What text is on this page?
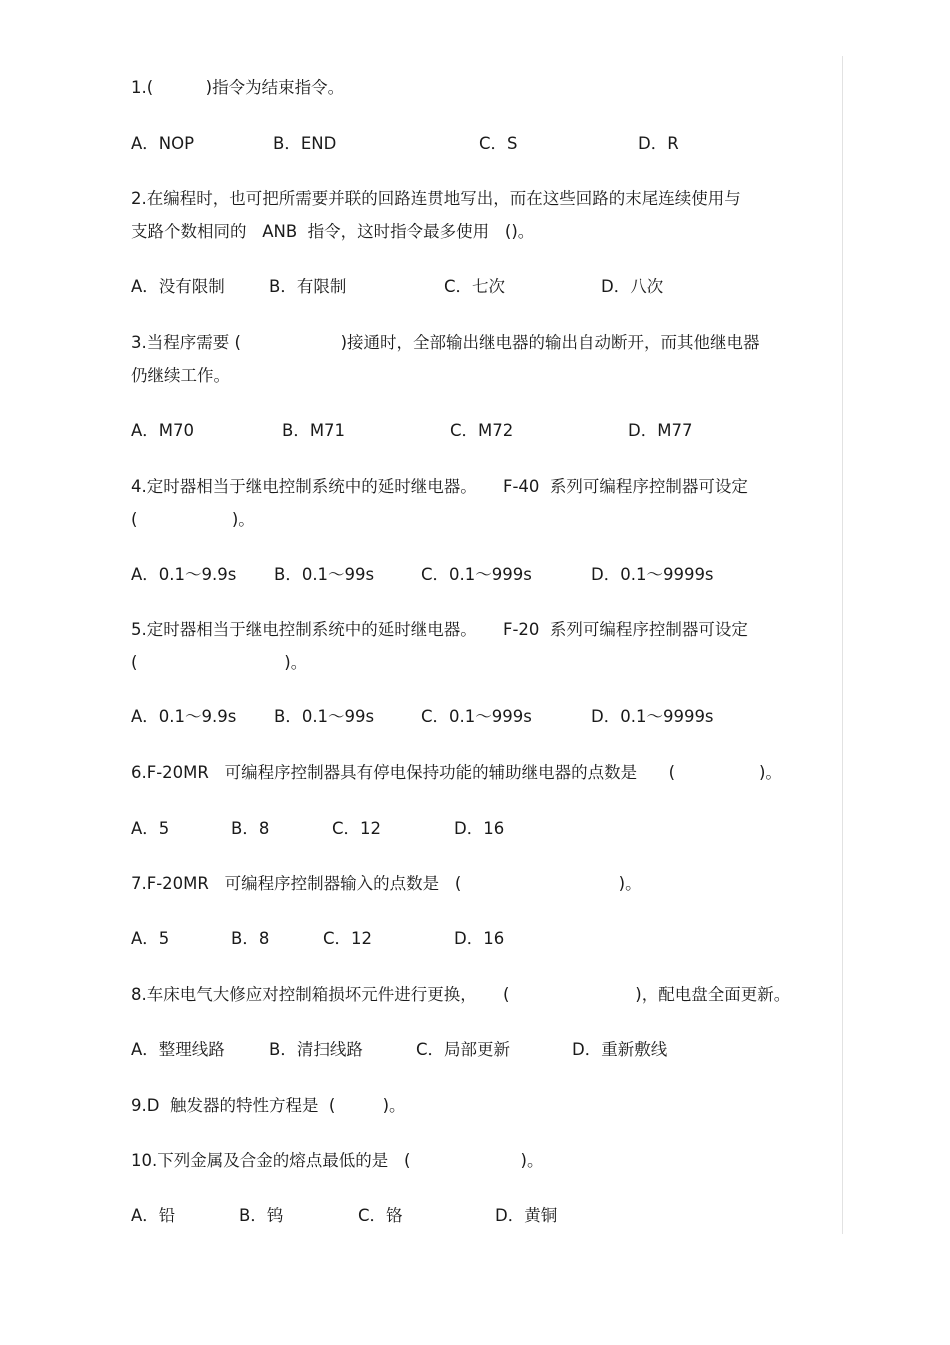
1.(          )指令为结束指令。

A．NOP

	B．END

	C．S

	D．R

2.在编程时，也可把所需要并联的回路连贯地写出，而在这些回路的末尾连续使用与
支路个数相同的   ANB  指令，这时指令最多使用   ()。

A．没有限制

	B．有限制

	C．七次

	D．八次

3.当程序需要 (                   )接通时，全部输出继电器的输出自动断开，而其他继电器
仍继续工作。

A．M70

	B．M71

	C．M72

	D．M77

4.定时器相当于继电控制系统中的延时继电器。     F-40  系列可编程序控制器可设定
(                  )。

A．0.1～9.9s

B．0.1～99s

	C．0.1～999s

	D．0.1～9999s

5.定时器相当于继电控制系统中的延时继电器。     F-20  系列可编程序控制器可设定
(                            )。

A．0.1～9.9s

B．0.1～99s

	C．0.1～999s

	D．0.1～9999s

6.F-20MR   可编程序控制器具有停电保持功能的辅助继电器的点数是      (                )。

A．5

	B．8

	C．12

	D．16

7.F-20MR   可编程序控制器输入的点数是   (                              )。

A．5

	B．8

	C．12

	D．16

8.车床电气大修应对控制箱损坏元件进行更换，     (                        )，配电盘全面更新。

A．整理线路

	B．清扫线路

	C．局部更新

	D．重新敷线

9.D  触发器的特性方程是  (         )。
10.下列金属及合金的熔点最低的是   (                     )。

A．铅

	B．钨

	C．铬

	D．黄铜
